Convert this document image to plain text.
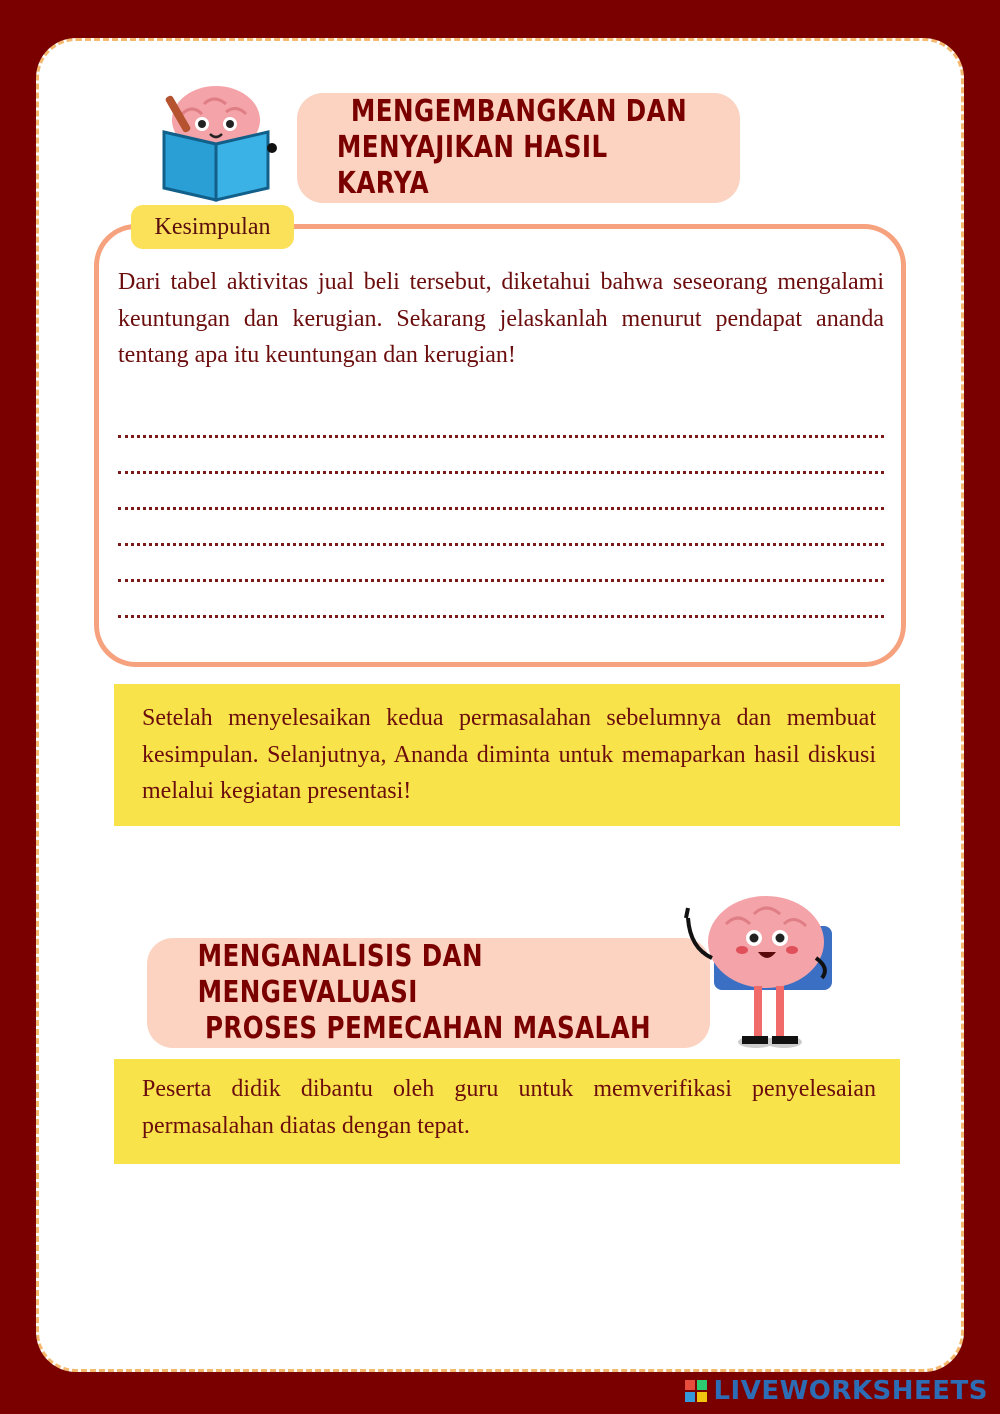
MENGEMBANGKAN DAN
MENYAJIKAN HASIL KARYA
Kesimpulan
Dari tabel aktivitas jual beli tersebut, diketahui bahwa seseorang mengalami keuntungan dan kerugian. Sekarang jelaskanlah menurut pendapat ananda tentang apa itu keuntungan dan kerugian!
Setelah menyelesaikan kedua permasalahan sebelumnya dan membuat kesimpulan. Selanjutnya, Ananda diminta untuk memaparkan hasil diskusi melalui kegiatan presentasi!
MENGANALISIS DAN MENGEVALUASI
PROSES PEMECAHAN MASALAH
Peserta didik dibantu oleh guru untuk memverifikasi penyelesaian permasalahan diatas dengan tepat.
LIVEWORKSHEETS
